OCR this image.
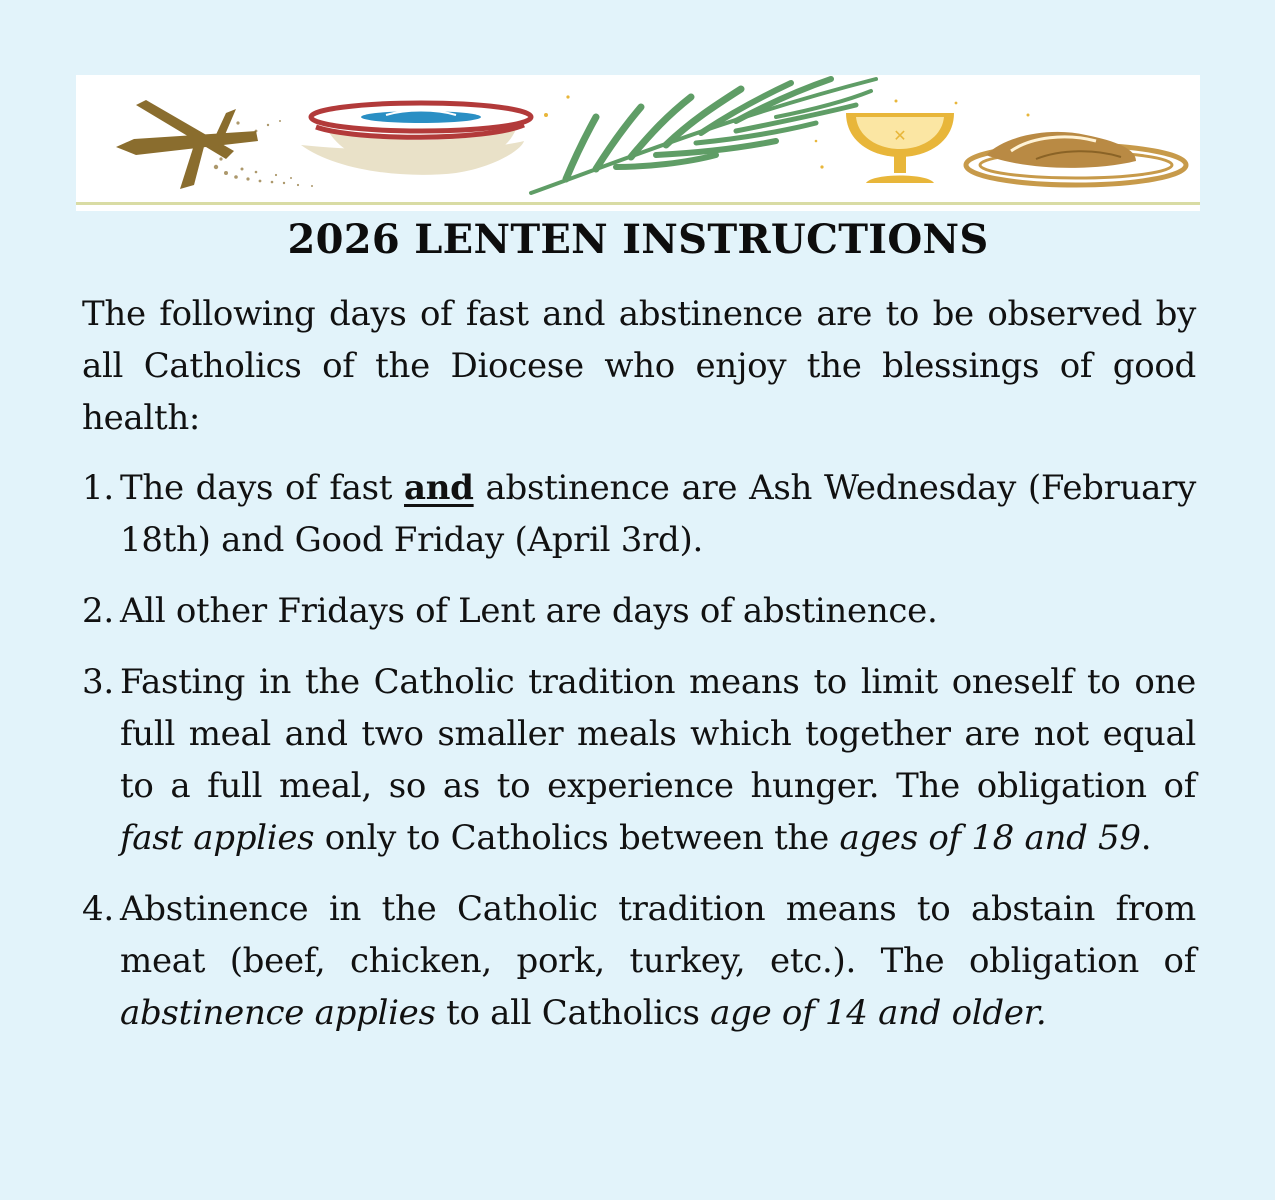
✕
2026 LENTEN INSTRUCTIONS

The following days of fast and abstinence are to be observed by all Catholics of the Diocese who enjoy the blessings of good health:

1. The days of fast and abstinence are Ash Wednesday (February 18th) and Good Friday (April 3rd).
2. All other Fridays of Lent are days of abstinence.
3. Fasting in the Catholic tradition means to limit oneself to one full meal and two smaller meals which together are not equal to a full meal, so as to experience hunger. The obligation of fast applies only to Catholics between the ages of 18 and 59.
4. Abstinence in the Catholic tradition means to abstain from meat (beef, chicken, pork, turkey, etc.). The obligation of abstinence applies to all Catholics age of 14 and older.
